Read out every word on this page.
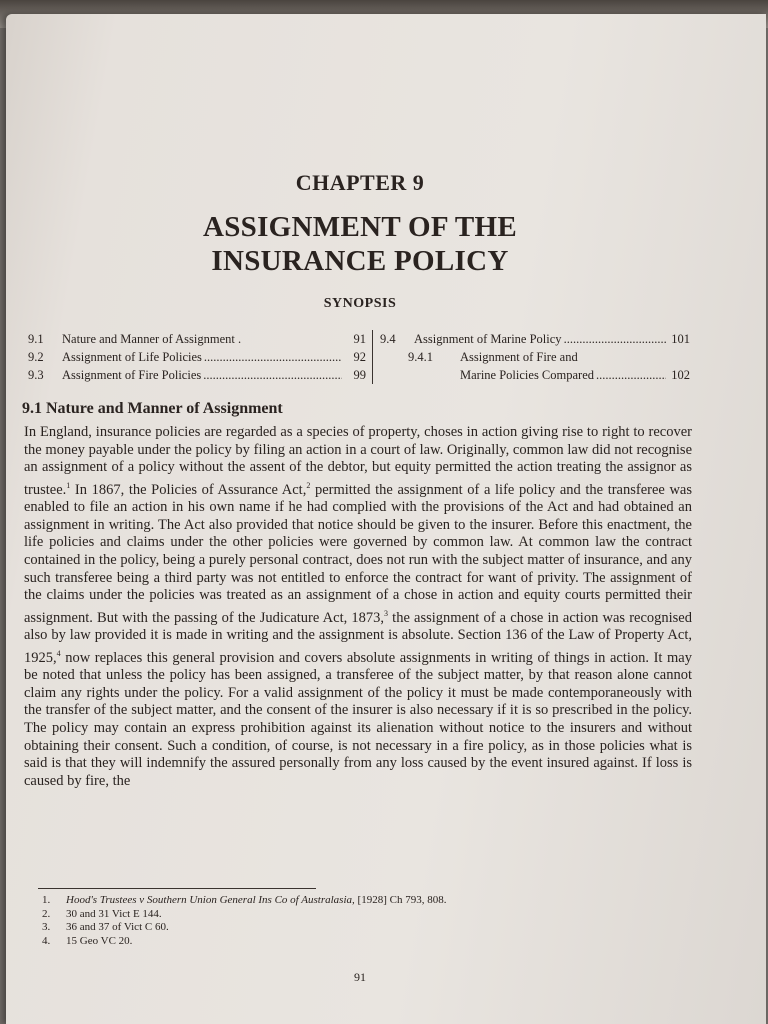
CHAPTER 9
ASSIGNMENT OF THE
INSURANCE POLICY
SYNOPSIS
9.1	Nature and Manner of Assignment .	91
9.2	Assignment of Life Policies .....	92
9.3	Assignment of Fire Policies .....	99
9.4	Assignment of Marine Policy .....	101
9.4.1	Assignment of Fire and
Marine Policies Compared .....	102
9.1 Nature and Manner of Assignment
In England, insurance policies are regarded as a species of property, choses in action giving rise to right to recover the money payable under the policy by filing an action in a court of law. Originally, common law did not recognise an assignment of a policy without the assent of the debtor, but equity permitted the action treating the assignor as trustee.$^1$ In 1867, the Policies of Assurance Act,$^2$ permitted the assignment of a life policy and the transferee was enabled to file an action in his own name if he had complied with the provisions of the Act and had obtained an assignment in writing. The Act also provided that notice should be given to the insurer. Before this enactment, the life policies and claims under the other policies were governed by common law. At common law the contract contained in the policy, being a purely personal contract, does not run with the subject matter of insurance, and any such transferee being a third party was not entitled to enforce the contract for want of privity. The assignment of the claims under the policies was treated as an assignment of a chose in action and equity courts permitted their assignment. But with the passing of the Judicature Act, 1873,$^3$ the assignment of a chose in action was recognised also by law provided it is made in writing and the assignment is absolute. Section 136 of the Law of Property Act, 1925,$^4$ now replaces this general provision and covers absolute assignments in writing of things in action. It may be noted that unless the policy has been assigned, a transferee of the subject matter, by that reason alone cannot claim any rights under the policy. For a valid assignment of the policy it must be made contemporaneously with the transfer of the subject matter, and the consent of the insurer is also necessary if it is so prescribed in the policy. The policy may contain an express prohibition against its alienation without notice to the insurers and without obtaining their consent. Such a condition, of course, is not necessary in a fire policy, as in those policies what is said is that they will indemnify the assured personally from any loss caused by the event insured against. If loss is caused by fire, the
1.	Hood's Trustees v Southern Union General Ins Co of Australasia, [1928] Ch 793, 808.
2.	30 and 31 Vict E 144.
3.	36 and 37 of Vict C 60.
4.	15 Geo VC 20.
91
